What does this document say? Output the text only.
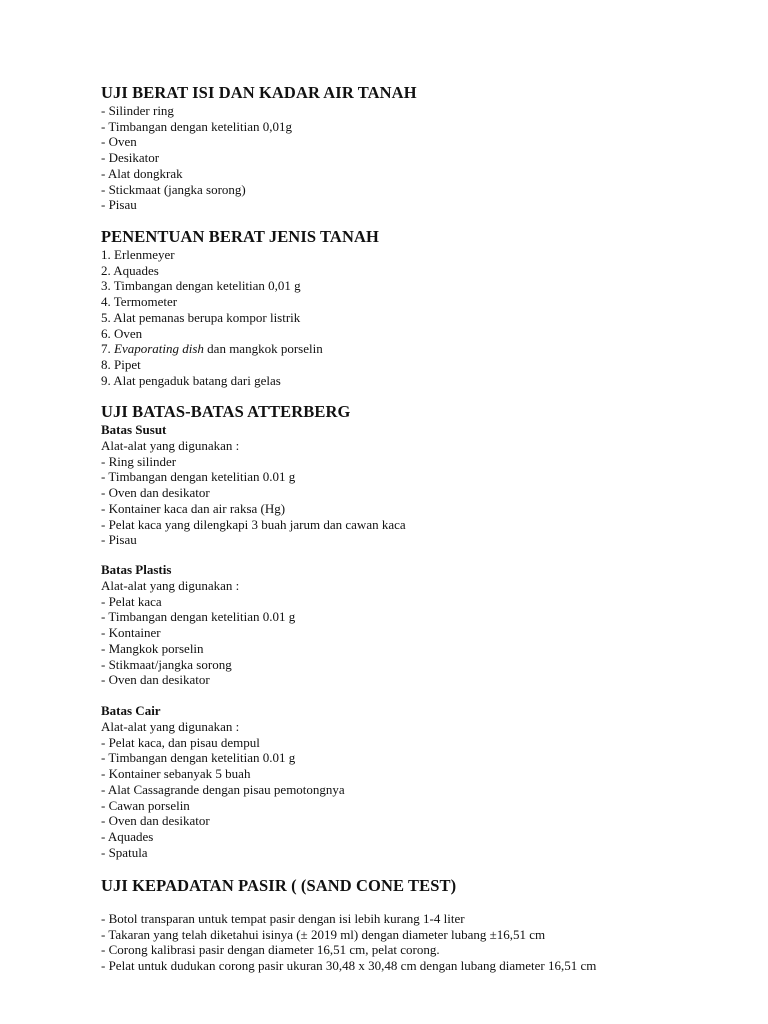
UJI BERAT ISI DAN KADAR AIR TANAH
- Silinder ring
- Timbangan dengan ketelitian 0,01g
- Oven
- Desikator
- Alat dongkrak
- Stickmaat (jangka sorong)
- Pisau
PENENTUAN BERAT JENIS TANAH
1. Erlenmeyer
2. Aquades
3. Timbangan dengan ketelitian 0,01 g
4. Termometer
5. Alat pemanas berupa kompor listrik
6. Oven
7. Evaporating dish dan mangkok porselin
8. Pipet
9. Alat pengaduk batang dari gelas
UJI BATAS-BATAS ATTERBERG
Batas Susut
Alat-alat yang digunakan :
- Ring silinder
- Timbangan dengan ketelitian 0.01 g
- Oven dan desikator
- Kontainer kaca dan air raksa (Hg)
- Pelat kaca yang dilengkapi 3 buah jarum dan cawan kaca
- Pisau
Batas Plastis
Alat-alat yang digunakan :
- Pelat kaca
- Timbangan dengan ketelitian 0.01 g
- Kontainer
- Mangkok porselin
- Stikmaat/jangka sorong
- Oven dan desikator
Batas Cair
Alat-alat yang digunakan :
- Pelat kaca, dan pisau dempul
- Timbangan dengan ketelitian 0.01 g
- Kontainer sebanyak 5 buah
- Alat Cassagrande dengan pisau pemotongnya
- Cawan porselin
- Oven dan desikator
- Aquades
- Spatula
UJI KEPADATAN PASIR ( (SAND CONE TEST)
- Botol transparan untuk tempat pasir dengan isi lebih kurang 1-4 liter
- Takaran yang telah diketahui isinya (± 2019 ml) dengan diameter lubang ±16,51 cm
- Corong kalibrasi pasir dengan diameter 16,51 cm, pelat corong.
- Pelat untuk dudukan corong pasir ukuran 30,48 x 30,48 cm dengan lubang diameter 16,51 cm
